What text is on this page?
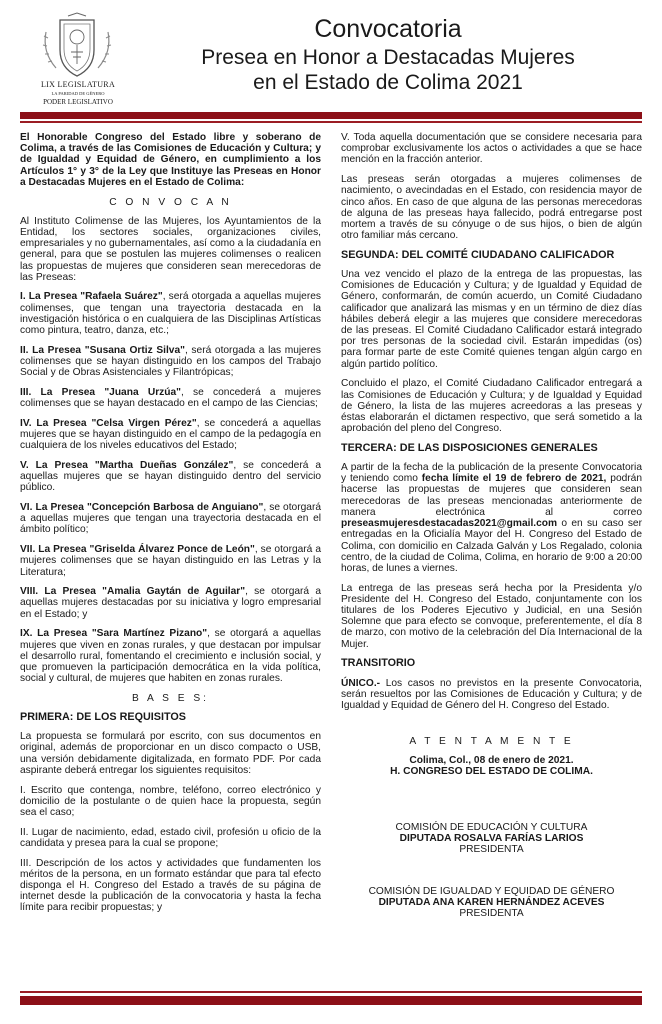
LIX LEGISLATURA
LA PARIDAD DE GÉNERO
PODER LEGISLATIVO
Convocatoria
Presea en Honor a Destacadas Mujeres
en el Estado de Colima 2021

El Honorable Congreso del Estado libre y soberano de Colima, a través de las Comisiones de Educación y Cultura; y de Igualdad y Equidad de Género, en cumplimiento a los Artículos 1° y 3° de la Ley que Instituye las Preseas en Honor a Destacadas Mujeres en el Estado de Colima:

C O N V O C A N

Al Instituto Colimense de las Mujeres, los Ayuntamientos de la Entidad, los sectores sociales, organizaciones civiles, empresariales y no gubernamentales, así como a la ciudadanía en general, para que se postulen las mujeres colimenses o realicen las propuestas de mujeres que consideren sean merecedoras de las Preseas:

I. La Presea "Rafaela Suárez", será otorgada a aquellas mujeres colimenses, que tengan una trayectoria destacada en la investigación histórica o en cualquiera de las Disciplinas Artísticas como pintura, teatro, danza, etc.;

II. La Presea "Susana Ortiz Silva", será otorgada a las mujeres colimenses que se hayan distinguido en los campos del Trabajo Social y de Obras Asistenciales y Filantrópicas;

III. La Presea "Juana Urzúa", se concederá a mujeres colimenses que se hayan destacado en el campo de las Ciencias;

IV. La Presea "Celsa Virgen Pérez", se concederá a aquellas mujeres que se hayan distinguido en el campo de la pedagogía en cualquiera de los niveles educativos del Estado;

V. La Presea "Martha Dueñas González", se concederá a aquellas mujeres que se hayan distinguido dentro del servicio público.

VI. La Presea "Concepción Barbosa de Anguiano", se otorgará a aquellas mujeres que tengan una trayectoria destacada en el ámbito político;

VII. La Presea "Griselda Álvarez Ponce de León", se otorgará a mujeres colimenses que se hayan distinguido en las Letras y la Literatura;

VIII. La Presea "Amalia Gaytán de Aguilar", se otorgará a aquellas mujeres destacadas por su iniciativa y logro empresarial en el Estado; y

IX. La Presea "Sara Martínez Pizano", se otorgará a aquellas mujeres que viven en zonas rurales, y que destacan por impulsar el desarrollo rural, fomentando el crecimiento e inclusión social, y que promueven la participación democrática en la vida política, social y cultural, de mujeres que habiten en zonas rurales.

B A S E S:

PRIMERA: DE LOS REQUISITOS

La propuesta se formulará por escrito, con sus documentos en original, además de proporcionar en un disco compacto o USB, una versión debidamente digitalizada, en formato PDF. Por cada aspirante deberá entregar los siguientes requisitos:

I. Escrito que contenga, nombre, teléfono, correo electrónico y domicilio de la postulante o de quien hace la propuesta, según sea el caso;

II. Lugar de nacimiento, edad, estado civil, profesión u oficio de la candidata y presea para la cual se propone;

III. Descripción de los actos y actividades que fundamenten los méritos de la persona, en un formato estándar que para tal efecto disponga el H. Congreso del Estado a través de su página de internet desde la publicación de la convocatoria y hasta la fecha límite para recibir propuestas; y

V. Toda aquella documentación que se considere necesaria para comprobar exclusivamente los actos o actividades a que se hace mención en la fracción anterior.

Las preseas serán otorgadas a mujeres colimenses de nacimiento, o avecindadas en el Estado, con residencia mayor de cinco años. En caso de que alguna de las personas merecedoras de alguna de las preseas haya fallecido, podrá entregarse post mortem a través de su cónyuge o de sus hijos, o bien de algún otro familiar más cercano.

SEGUNDA: DEL COMITÉ CIUDADANO CALIFICADOR

Una vez vencido el plazo de la entrega de las propuestas, las Comisiones de Educación y Cultura; y de Igualdad y Equidad de Género, conformarán, de común acuerdo, un Comité Ciudadano calificador que analizará las mismas y en un término de diez días hábiles deberá elegir a las mujeres que considere merecedoras de las preseas. El Comité Ciudadano Calificador estará integrado por tres personas de la sociedad civil. Estarán impedidas (os) para formar parte de este Comité quienes tengan algún cargo en algún partido político.

Concluido el plazo, el Comité Ciudadano Calificador entregará a las Comisiones de Educación y Cultura; y de Igualdad y Equidad de Género, la lista de las mujeres acreedoras a las preseas y éstas elaborarán el dictamen respectivo, que será sometido a la aprobación del pleno del Congreso.

TERCERA: DE LAS DISPOSICIONES GENERALES

A partir de la fecha de la publicación de la presente Convocatoria y teniendo como fecha límite el 19 de febrero de 2021, podrán hacerse las propuestas de mujeres que consideren sean merecedoras de las preseas mencionadas anteriormente de manera electrónica al correo preseasmujeresdestacadas2021@gmail.com o en su caso ser entregadas en la Oficialía Mayor del H. Congreso del Estado de Colima, con domicilio en Calzada Galván y Los Regalado, colonia centro, de la ciudad de Colima, Colima, en horario de 9:00 a 20:00 horas, de lunes a viernes.

La entrega de las preseas será hecha por la Presidenta y/o Presidente del H. Congreso del Estado, conjuntamente con los titulares de los Poderes Ejecutivo y Judicial, en una Sesión Solemne que para efecto se convoque, preferentemente, el día 8 de marzo, con motivo de la celebración del Día Internacional de la Mujer.

TRANSITORIO

ÚNICO.- Los casos no previstos en la presente Convocatoria, serán resueltos por las Comisiones de Educación y Cultura; y de Igualdad y Equidad de Género del H. Congreso del Estado.

A T E N T A M E N T E

Colima, Col., 08 de enero de 2021.

H. CONGRESO DEL ESTADO DE COLIMA.

COMISIÓN DE EDUCACIÓN Y CULTURA

DIPUTADA ROSALVA FARÍAS LARIOS

PRESIDENTA

COMISIÓN DE IGUALDAD Y EQUIDAD DE GÉNERO

DIPUTADA ANA KAREN HERNÁNDEZ ACEVES

PRESIDENTA
